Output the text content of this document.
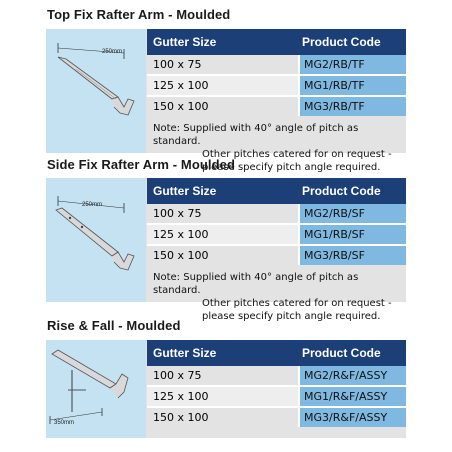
Top Fix Rafter Arm - Moulded
250mm
Gutter Size	Product Code
100 x 75	MG2/RB/TF
125 x 100	MG1/RB/TF
150 x 100	MG3/RB/TF
Note: Supplied with 40° angle of pitch as standard.
Other pitches catered for on request -
please specify pitch angle required.
Side Fix Rafter Arm - Moulded
250mm
Gutter Size	Product Code
100 x 75	MG2/RB/SF
125 x 100	MG1/RB/SF
150 x 100	MG3/RB/SF
Note: Supplied with 40° angle of pitch as standard.
Other pitches catered for on request -
please specify pitch angle required.
Rise & Fall - Moulded
350mm
Gutter Size	Product Code
100 x 75	MG2/R&F/ASSY
125 x 100	MG1/R&F/ASSY
150 x 100	MG3/R&F/ASSY
